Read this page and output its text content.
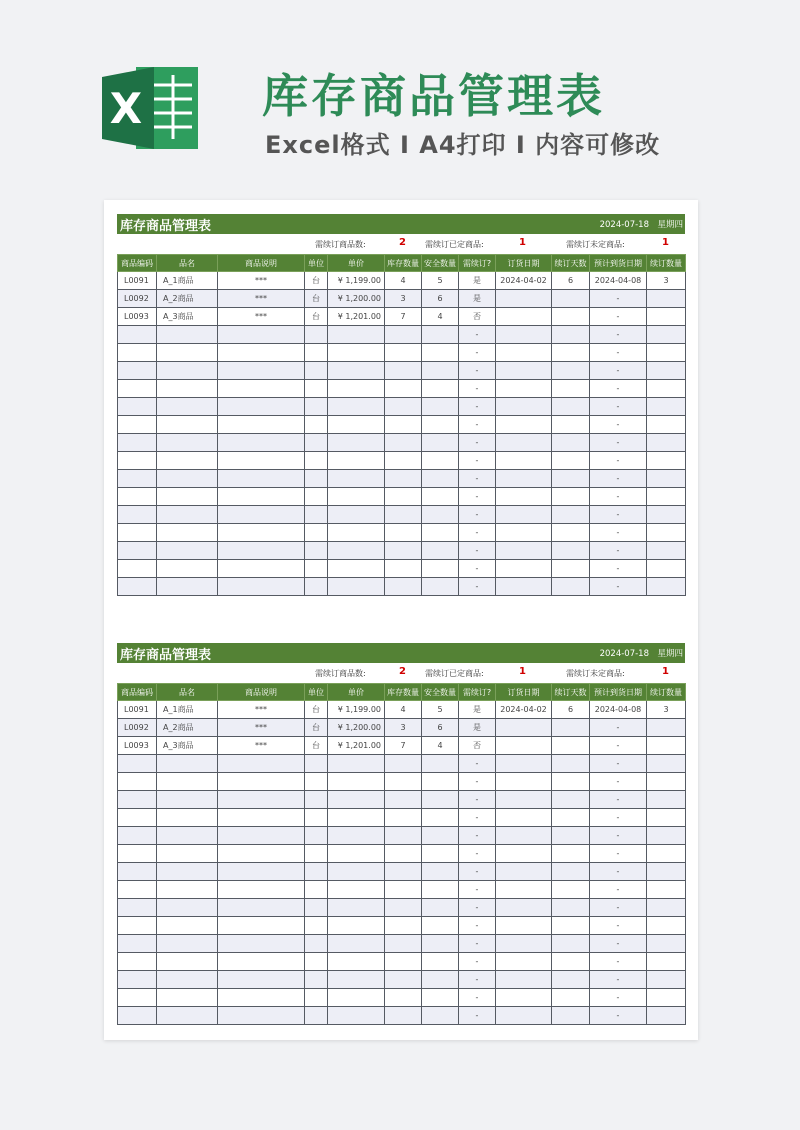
X	库存商品管理表
Excel格式 I A4打印 I 内容可修改
库存商品管理表	2024-07-18　星期四
需续订商品数:	2 需续订已定商品:	1	需续订未定商品:	1
商品编码	品名	商品说明	单位	单价	库存数量	安全数量	需续订?	订货日期	续订天数	预计到货日期	续订数量
L0091	A_1商品	***	台	¥ 1,199.00	4	5	是	2024-04-02	6	2024-04-08	3
L0092	A_2商品	***	台	¥ 1,200.00	3	6	是			-	
L0093	A_3商品	***	台	¥ 1,201.00	7	4	否			-	
							-			-	
							-			-	
							-			-	
							-			-	
							-			-	
							-			-	
							-			-	
							-			-	
							-			-	
							-			-	
							-			-	
							-			-	
							-			-	
							-			-	
							-			-	
库存商品管理表	2024-07-18　星期四
需续订商品数:	2 需续订已定商品:	1	需续订未定商品:	1
商品编码	品名	商品说明	单位	单价	库存数量	安全数量	需续订?	订货日期	续订天数	预计到货日期	续订数量
L0091	A_1商品	***	台	¥ 1,199.00	4	5	是	2024-04-02	6	2024-04-08	3
L0092	A_2商品	***	台	¥ 1,200.00	3	6	是			-	
L0093	A_3商品	***	台	¥ 1,201.00	7	4	否			-	
							-			-	
							-			-	
							-			-	
							-			-	
							-			-	
							-			-	
							-			-	
							-			-	
							-			-	
							-			-	
							-			-	
							-			-	
							-			-	
							-			-	
							-			-	
